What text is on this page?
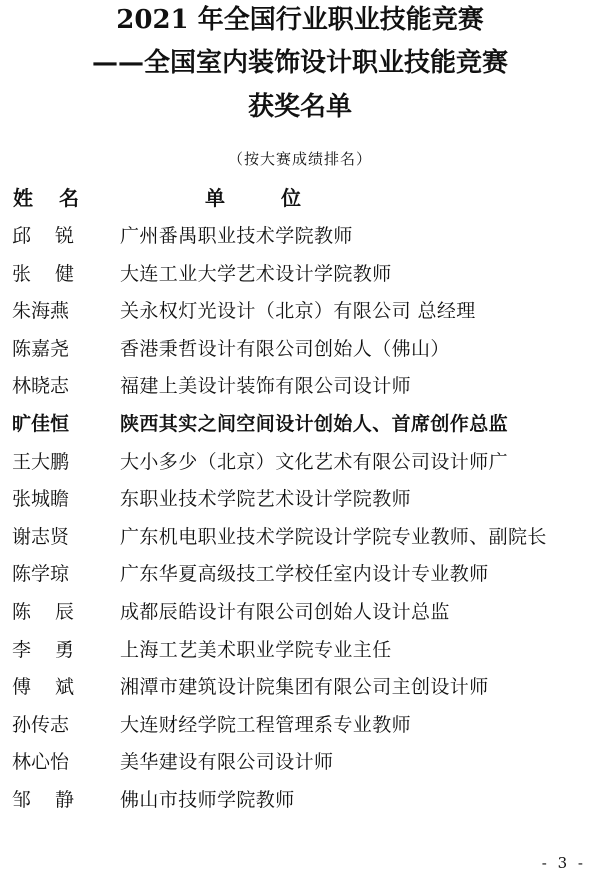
2021 年全国行业职业技能竞赛
——全国室内装饰设计职业技能竞赛
获奖名单
（按大赛成绩排名）
姓名	单位
邱锐	广州番禺职业技术学院教师
张健	大连工业大学艺术设计学院教师
朱海燕	关永权灯光设计（北京）有限公司 总经理
陈嘉尧	香港秉哲设计有限公司创始人（佛山）
林晓志	福建上美设计装饰有限公司设计师
旷佳恒	陕西其实之间空间设计创始人、首席创作总监
王大鹏	大小多少（北京）文化艺术有限公司设计师广
张城瞻	东职业技术学院艺术设计学院教师
谢志贤	广东机电职业技术学院设计学院专业教师、副院长
陈学琼	广东华夏高级技工学校任室内设计专业教师
陈辰	成都辰皓设计有限公司创始人设计总监
李勇	上海工艺美术职业学院专业主任
傅斌	湘潭市建筑设计院集团有限公司主创设计师
孙传志	大连财经学院工程管理系专业教师
林心怡	美华建设有限公司设计师
邹静	佛山市技师学院教师
- 3 -
